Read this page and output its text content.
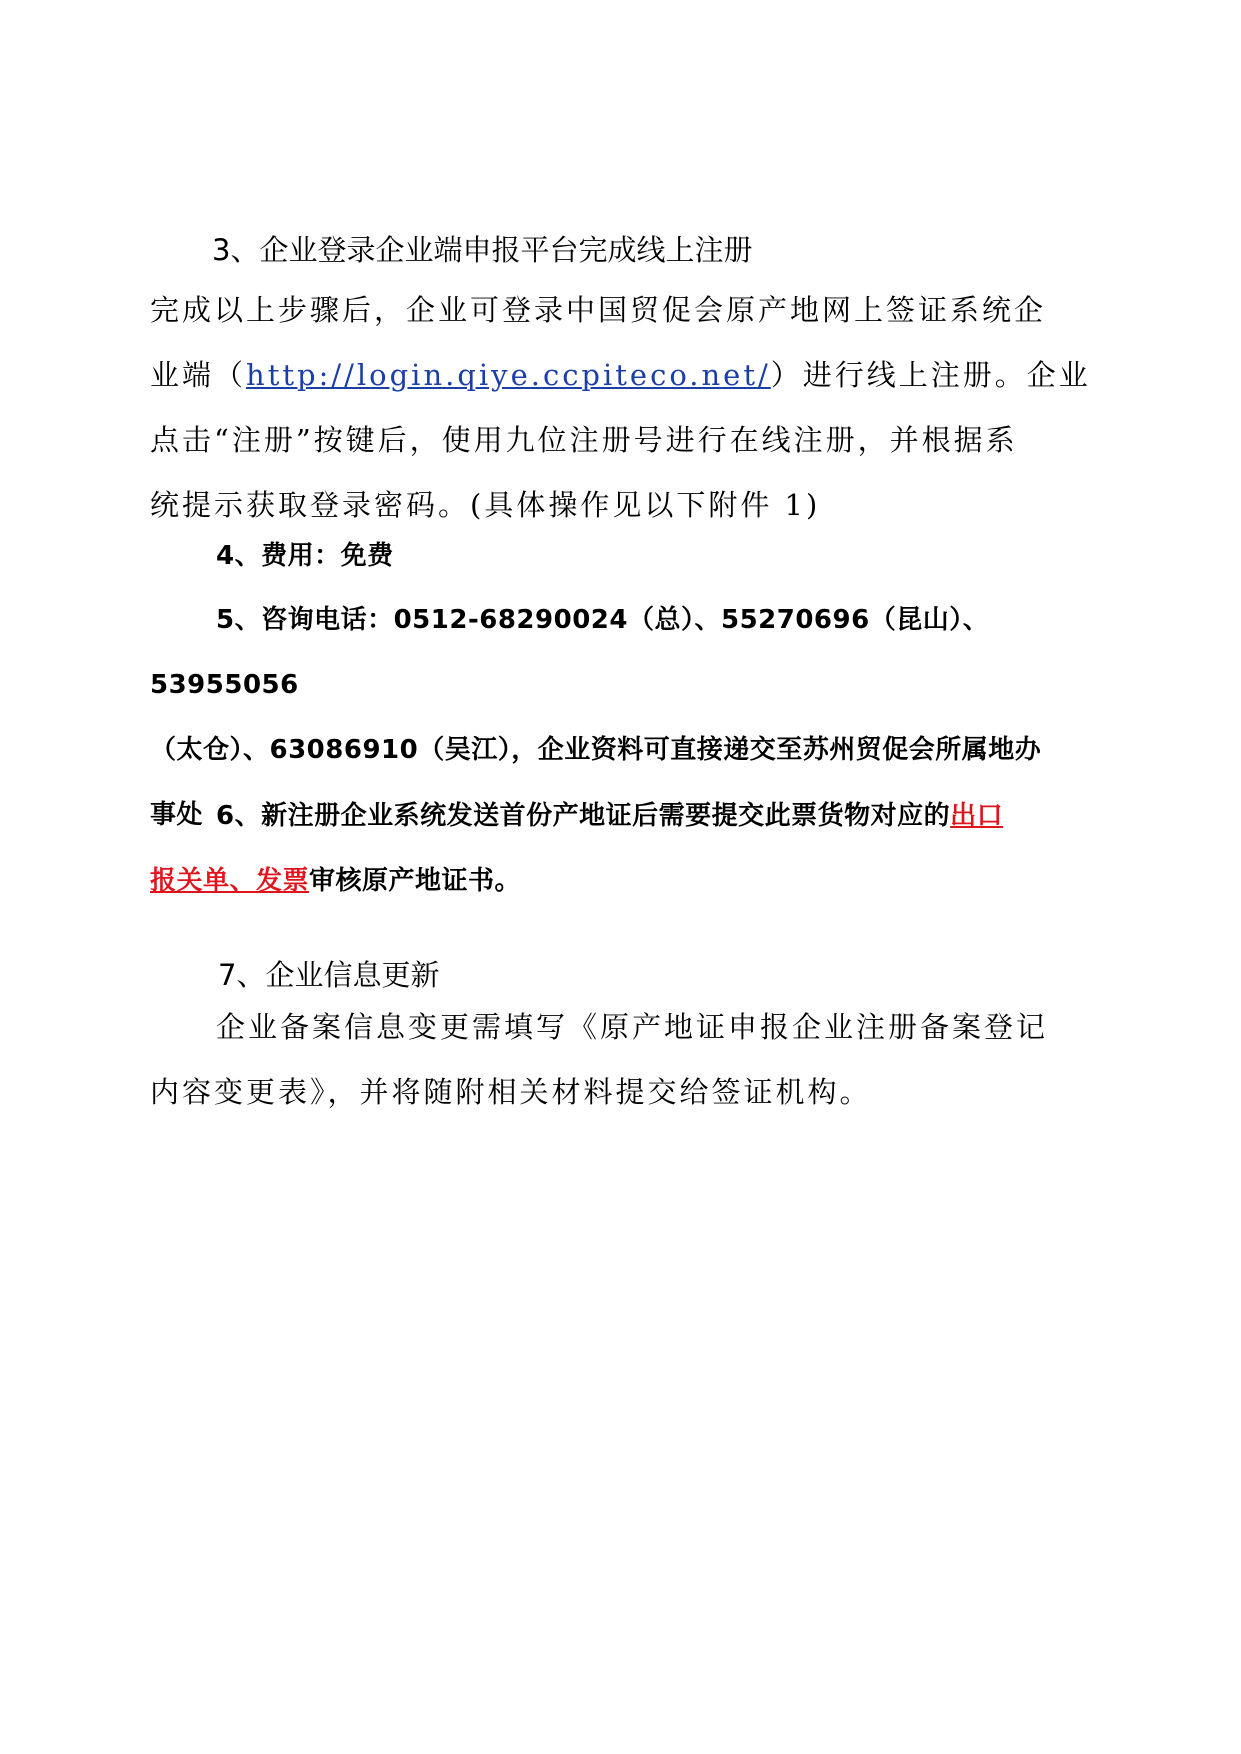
3、企业登录企业端申报平台完成线上注册

完成以上步骤后，企业可登录中国贸促会原产地网上签证系统企

业端（http://login.qiye.ccpiteco.net/）进行线上注册。企业

点击“注册”按键后，使用九位注册号进行在线注册，并根据系

统提示获取登录密码。(具体操作见以下附件 1)

4、费用：免费

5、咨询电话：0512-68290024（总）、55270696（昆山）、53955056

（太仓）、63086910（吴江），企业资料可直接递交至苏州贸促会所属地办

事处 6、新注册企业系统发送首份产地证后需要提交此票货物对应的出口

报关单、发票审核原产地证书。

7、企业信息更新

企业备案信息变更需填写《原产地证申报企业注册备案登记

内容变更表》，并将随附相关材料提交给签证机构。
